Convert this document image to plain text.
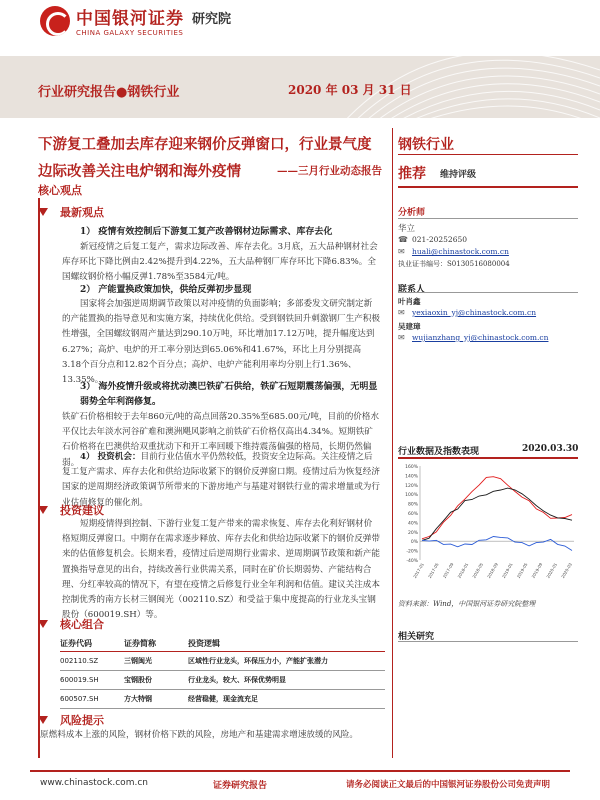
中国银河证券
CHINA GALAXY SECURITIES
研究院
行业研究报告●钢铁行业	2020 年 03 月 31 日
下游复工叠加去库存迎来钢价反弹窗口，行业景气度
边际改善关注电炉钢和海外疫情	——三月行业动态报告
核心观点
最新观点
1） 疫情有效控制后下游复工复产改善钢材边际需求、库存去化
新冠疫情之后复工复产，需求边际改善、库存去化。3月底，五大品种钢材社会库存环比下降比例由2.42%提升到4.22%，五大品种钢厂库存环比下降6.83%。全国螺纹钢价格小幅反弹1.78%至3584元/吨。
2） 产能置换政策加快，供给反弹初步显现
国家将会加强逆周期调节政策以对冲疫情的负面影响；多部委发文研究制定新的产能置换的指导意见和实施方案，持续优化供给。受到钢铁回升刺激钢厂生产积极性增强，全国螺纹钢周产量达到290.10万吨，环比增加17.12万吨，提升幅度达到6.27%；高炉、电炉的开工率分别达到65.06%和41.67%，环比上月分别提高3.18个百分点和12.82个百分点；高炉、电炉产能利用率均分别上行1.36%、13.35%。
3） 海外疫情升级或将扰动澳巴铁矿石供给，铁矿石短期震荡偏强，无明显弱势全年利润修复。
铁矿石价格相较于去年860元/吨的高点回落20.35%至685.00元/吨，目前的价格水平仅比去年淡水河谷矿难和澳洲飓风影响之前铁矿石价格仅高出4.34%。短期铁矿石价格将在巴澳供给双重扰动下和开工率回暖下维持震荡偏强的格局，长期仍然偏弱。
4） 投资机会：目前行业估值水平仍然较低，投资安全边际高。关注疫情之后复工复产需求、库存去化和供给边际收紧下的钢价反弹窗口期。疫情过后为恢复经济国家的逆周期经济政策调节所带来的下游房地产与基建对钢铁行业的需求增量或为行业估值修复的催化剂。
投资建议
短期疫情得到控制、下游行业复工复产带来的需求恢复、库存去化利好钢材价格短期反弹窗口。中期存在需求逐步释放、库存去化和供给边际收紧下的钢价反弹带来的估值修复机会。长期来看，疫情过后逆周期行业需求、逆周期调节政策和新产能置换指导意见的出台，持续改善行业供需关系，同时在矿价长期弱势、产能结构合理、分红率较高的情况下，有望在疫情之后修复行业全年利润和估值。建议关注成本控制优秀的南方长材三钢闽光（002110.SZ）和受益于集中度提高的行业龙头宝钢股份（600019.SH）等。
核心组合
证券代码	证券简称	投资逻辑
002110.SZ	三钢闽光	区域性行业龙头，环保压力小，产能扩张潜力
600019.SH	宝钢股份	行业龙头，较大、环保优势明显
600507.SH	方大特钢	经营稳健，现金流充足
风险提示
原燃料成本上涨的风险，钢材价格下跌的风险，房地产和基建需求增速放缓的风险。
钢铁行业
推荐 维持评级
分析师
华立
☎ 021-20252650
✉ huali@chinastock.com.cn
执业证书编号：S0130516080004
联系人
叶肖鑫
✉ yexiaoxin_yj@chinastock.com.cn
吴建璋
✉ wujianzhang_yj@chinastock.com.cn
行业数据及指数表现	2020.03.30
160%
140%
120%
100%
80%
60%
40%
20%
0%
-20%
-40%
2017-01 2017-05 2017-09 2018-01 2018-05 2018-09 2019-01 2019-05 2019-09 2020-01 2020-03
资料来源：Wind，中国银河证券研究院整理
相关研究
www.chinastock.com.cn	证券研究报告	请务必阅读正文最后的中国银河证券股份公司免责声明
